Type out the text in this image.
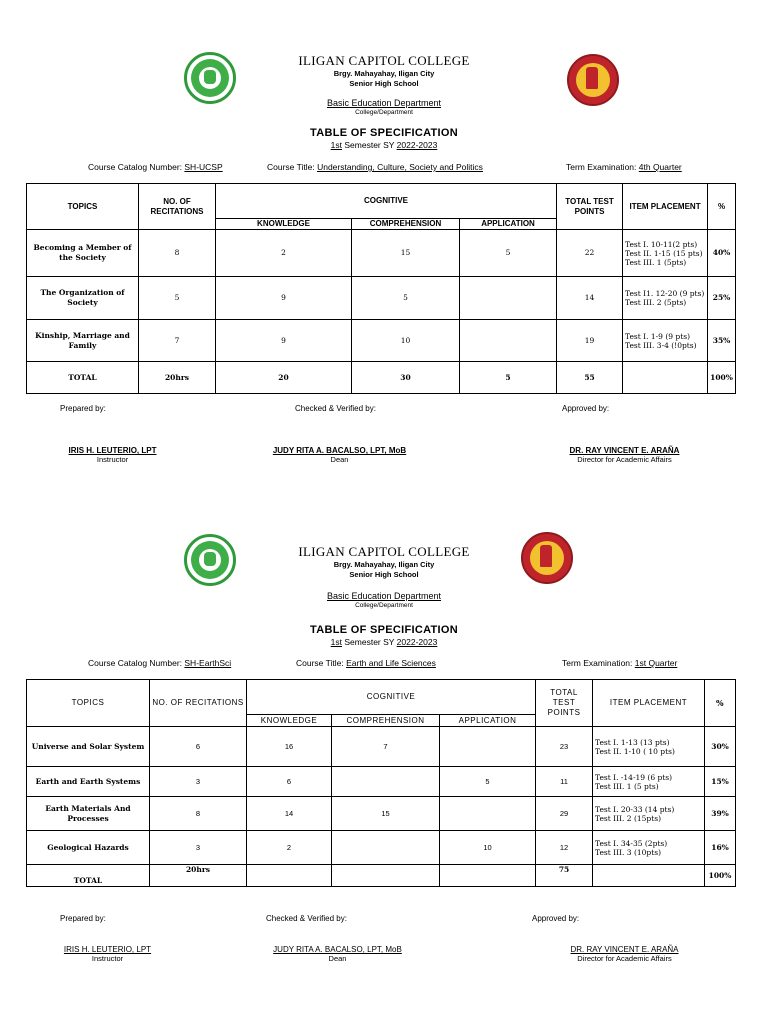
ILIGAN CAPITOL COLLEGE
Brgy. Mahayahay, Iligan City
Senior High School
Basic Education Department
College/Department
TABLE OF SPECIFICATION
1st Semester SY 2022-2023
Course Catalog Number: SH-UCSP	Course Title: Understanding, Culture, Society and Politics	Term Examination: 4th Quarter
TOPICS	NO. OF RECITATIONS	COGNITIVE			TOTAL TEST POINTS	ITEM PLACEMENT	%
		KNOWLEDGE	COMPREHENSION	APPLICATION			
Becoming a Member of the Society	8	2	15	5	22	Test I. 10-11(2 pts)
Test II. 1-15 (15 pts)
Test III. 1 (5pts)	40%
The Organization of Society	5	9	5		14	Test I1. 12-20 (9 pts)
Test III. 2 (5pts)	25%
Kinship, Marriage and Family	7	9	10		19	Test I. 1-9 (9 pts)
Test III. 3-4 (!0pts)	35%
TOTAL	20hrs	20	30	5	55		100%
Prepared by:	Checked & Verified by:	Approved by:
IRIS H. LEUTERIO, LPT
Instructor
JUDY RITA A. BACALSO, LPT, MoB
Dean
DR. RAY VINCENT E. ARAÑA
Director for Academic Affairs
ILIGAN CAPITOL COLLEGE
Brgy. Mahayahay, Iligan City
Senior High School
Basic Education Department
College/Department
TABLE OF SPECIFICATION
1st Semester SY 2022-2023
Course Catalog Number: SH-EarthSci	Course Title: Earth and Life Sciences	Term Examination: 1st Quarter
TOPICS	NO. OF RECITATIONS	COGNITIVE			TOTAL TEST POINTS	ITEM PLACEMENT	%
		KNOWLEDGE	COMPREHENSION	APPLICATION			
Universe and Solar System	6	16	7		23	Test I. 1-13 (13 pts)
Test II. 1-10 ( 10 pts)	30%
Earth and Earth Systems	3	6		5	11	Test I. -14-19 (6 pts)
Test III. 1 (5 pts)	15%
Earth Materials And Processes	8	14	15		29	Test I. 20-33 (14 pts)
Test III. 2 (15pts)	39%
Geological Hazards	3	2		10	12	Test I. 34-35 (2pts)
Test III. 3 (10pts)	16%
TOTAL	20hrs				75		100%
Prepared by:	Checked & Verified by:	Approved by:
IRIS H. LEUTERIO, LPT
Instructor
JUDY RITA A. BACALSO, LPT, MoB
Dean
DR. RAY VINCENT E. ARAÑA
Director for Academic Affairs
